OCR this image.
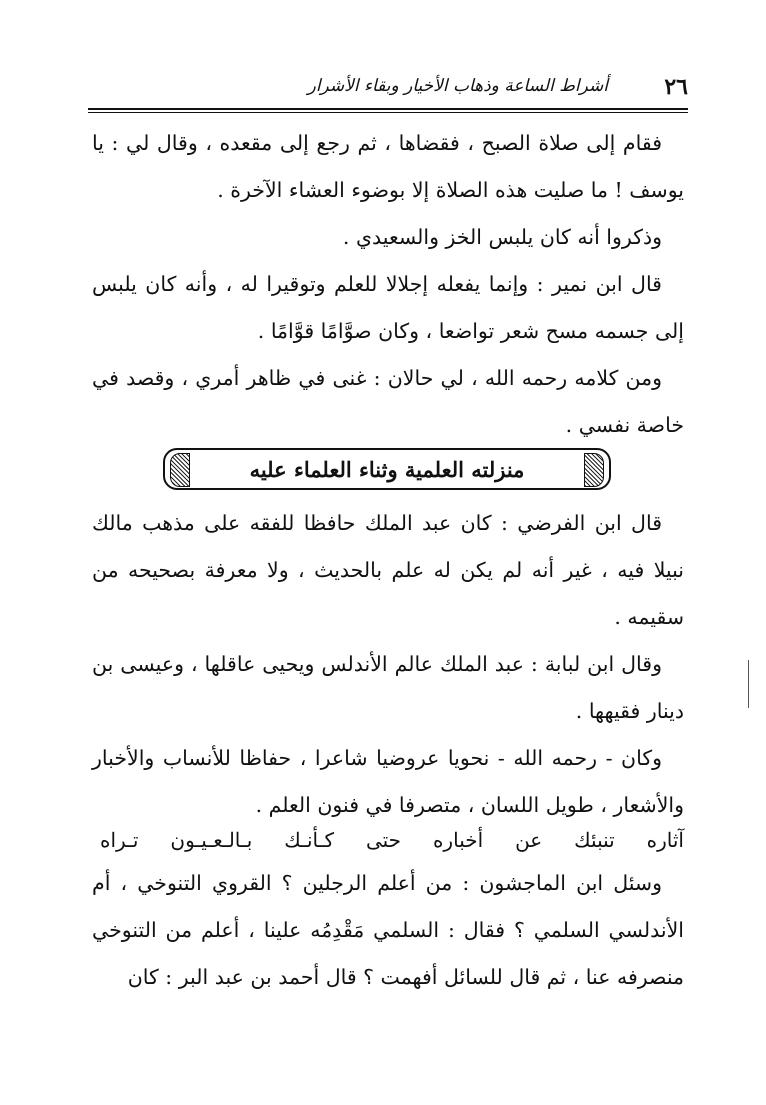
٢٦
أشراط الساعة وذهاب الأخيار وبقاء الأشرار

فقام إلى صلاة الصبح ، فقضاها ، ثم رجع إلى مقعده ، وقال لي : يا يوسف ! ما صليت هذه الصلاة إلا بوضوء العشاء الآخرة .

وذكروا أنه كان يلبس الخز والسعيدي .

قال ابن نمير : وإنما يفعله إجلالا للعلم وتوقيرا له ، وأنه كان يلبس إلى جسمه مسح شعر تواضعا ، وكان صوَّامًا قوَّامًا .

ومن كلامه رحمه الله ، لي حالان : غنى في ظاهر أمري ، وقصد في خاصة نفسي .

منزلته العلمية وثناء العلماء عليه

قال ابن الفرضي : كان عبد الملك حافظا للفقه على مذهب مالك نبيلا فيه ، غير أنه لم يكن له علم بالحديث ، ولا معرفة بصحيحه من سقيمه .

وقال ابن لبابة : عبد الملك عالم الأندلس ويحيى عاقلها ، وعيسى بن دينار فقيهها .

وكان - رحمه الله - نحويا عروضيا شاعرا ، حفاظا للأنساب والأخبار والأشعار ، طويل اللسان ، متصرفا في فنون العلم .

آثاره تنبئك عن أخباره حتى كـأنـك بـالـعـيـون تـراه

وسئل ابن الماجشون : من أعلم الرجلين ؟ القروي التنوخي ، أم الأندلسي السلمي ؟ فقال : السلمي مَقْدِمُه علينا ، أعلم من التنوخي منصرفه عنا ، ثم قال للسائل أفهمت ؟ قال أحمد بن عبد البر : كان
